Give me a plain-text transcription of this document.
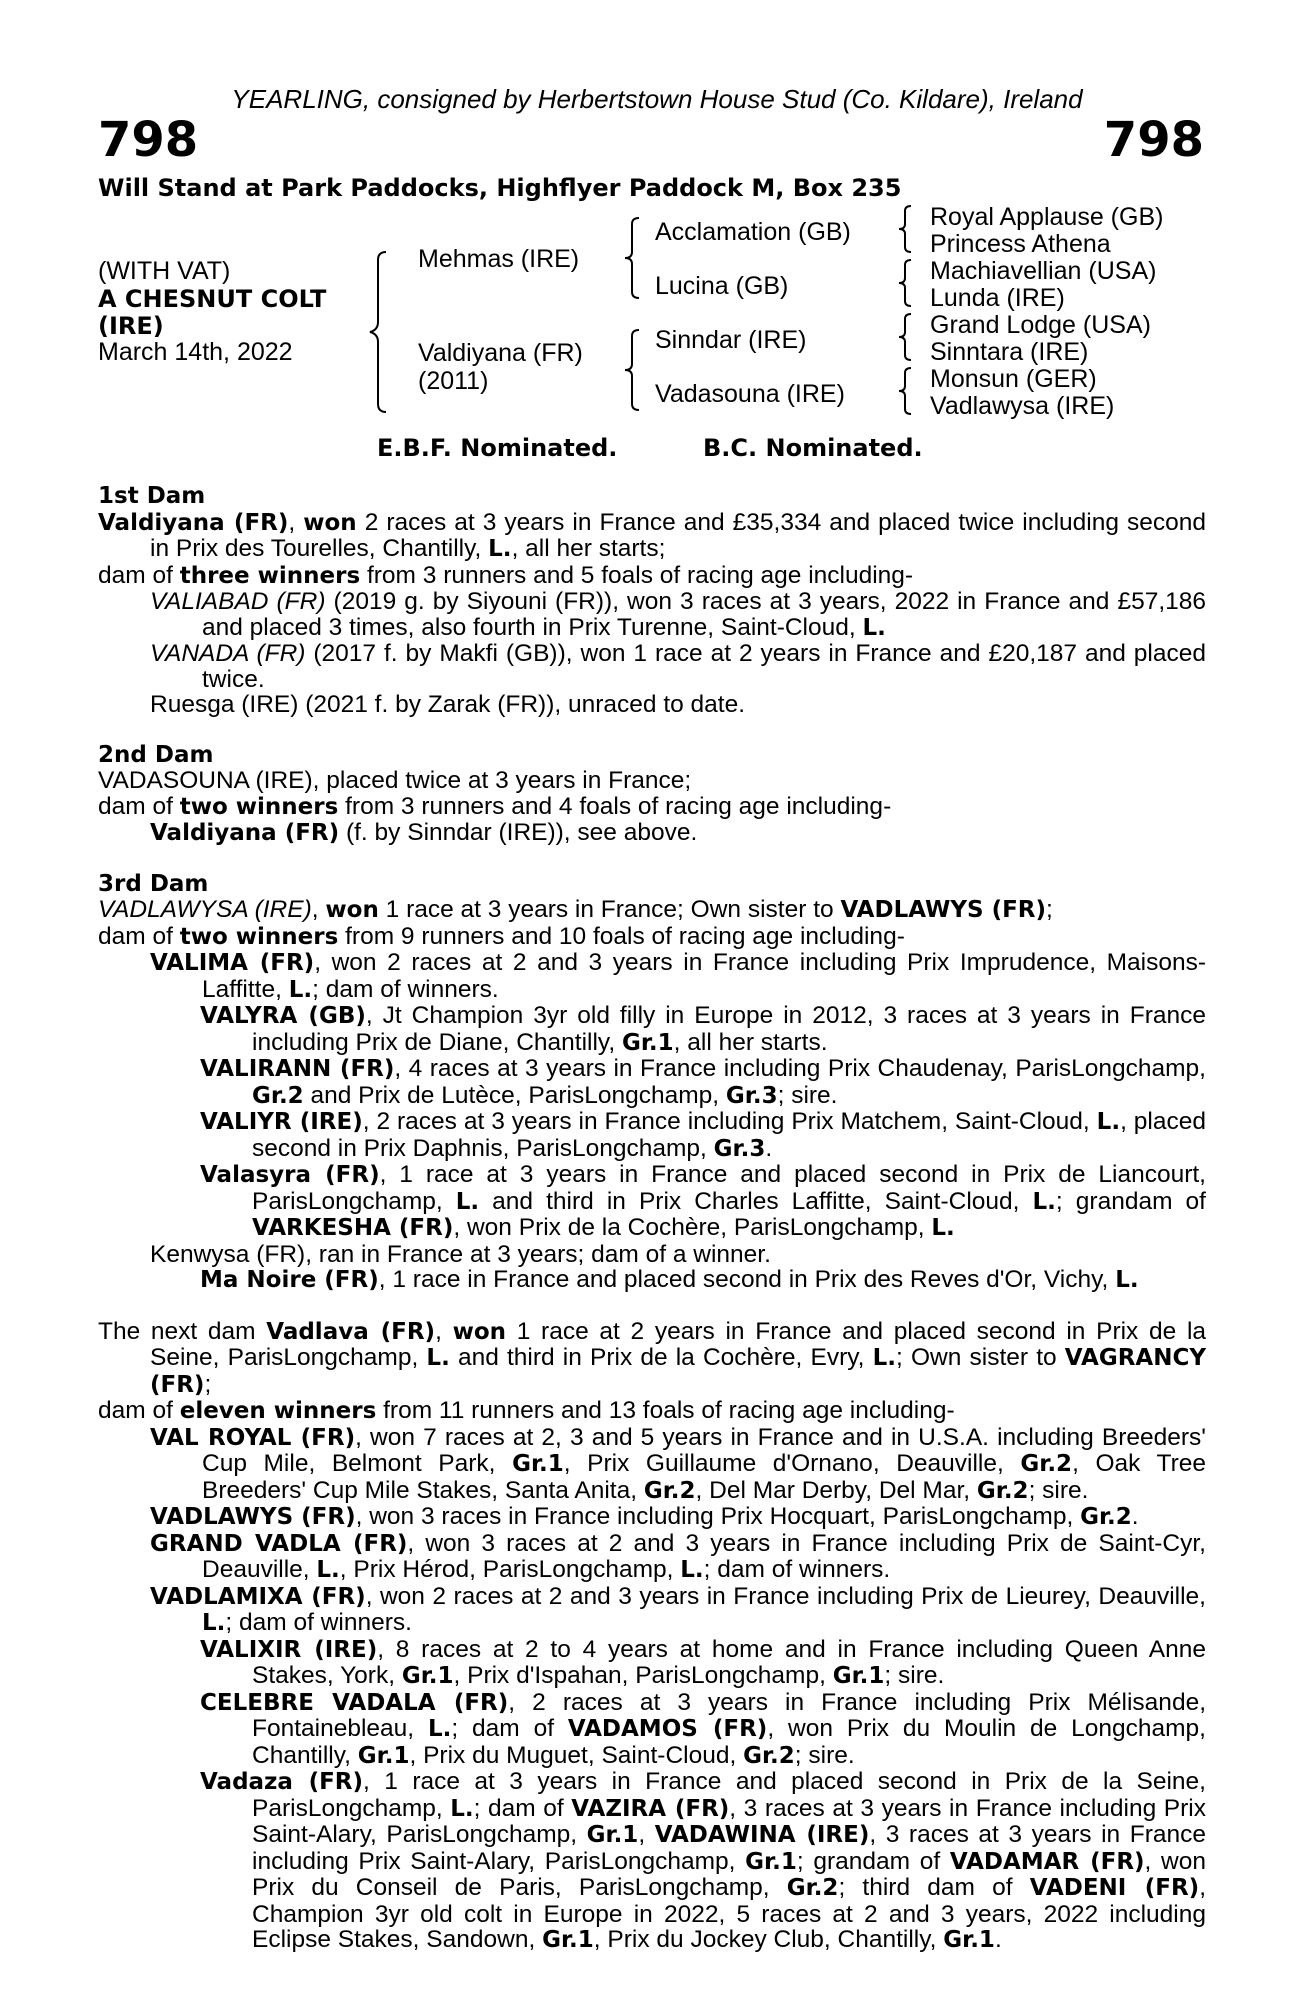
YEARLING, consigned by Herbertstown House Stud (Co. Kildare), Ireland
798	798
Will Stand at Park Paddocks, Highflyer Paddock M, Box 235
(WITH VAT)
A CHESNUT COLT
(IRE)
March 14th, 2022
Mehmas (IRE)
Valdiyana (FR)
(2011)
Acclamation (GB)
Lucina (GB)
Sinndar (IRE)
Vadasouna (IRE)
Royal Applause (GB)
Princess Athena
Machiavellian (USA)
Lunda (IRE)
Grand Lodge (USA)
Sinntara (IRE)
Monsun (GER)
Vadlawysa (IRE)
E.B.F. Nominated.	B.C. Nominated.
1st Dam

Valdiyana (FR), won 2 races at 3 years in France and £35,334 and placed twice including second in Prix des Tourelles, Chantilly, L., all her starts;

dam of three winners from 3 runners and 5 foals of racing age including-

VALIABAD (FR) (2019 g. by Siyouni (FR)), won 3 races at 3 years, 2022 in France and £57,186 and placed 3 times, also fourth in Prix Turenne, Saint-Cloud, L.

VANADA (FR) (2017 f. by Makfi (GB)), won 1 race at 2 years in France and £20,187 and placed twice.

Ruesga (IRE) (2021 f. by Zarak (FR)), unraced to date.

2nd Dam

VADASOUNA (IRE), placed twice at 3 years in France;

dam of two winners from 3 runners and 4 foals of racing age including-

Valdiyana (FR) (f. by Sinndar (IRE)), see above.

3rd Dam

VADLAWYSA (IRE), won 1 race at 3 years in France; Own sister to VADLAWYS (FR);

dam of two winners from 9 runners and 10 foals of racing age including-

VALIMA (FR), won 2 races at 2 and 3 years in France including Prix Imprudence, Maisons-Laffitte, L.; dam of winners.

VALYRA (GB), Jt Champion 3yr old filly in Europe in 2012, 3 races at 3 years in France including Prix de Diane, Chantilly, Gr.1, all her starts.

VALIRANN (FR), 4 races at 3 years in France including Prix Chaudenay, ParisLongchamp, Gr.2 and Prix de Lutèce, ParisLongchamp, Gr.3; sire.

VALIYR (IRE), 2 races at 3 years in France including Prix Matchem, Saint-Cloud, L., placed second in Prix Daphnis, ParisLongchamp, Gr.3.

Valasyra (FR), 1 race at 3 years in France and placed second in Prix de Liancourt, ParisLongchamp, L. and third in Prix Charles Laffitte, Saint-Cloud, L.; grandam of VARKESHA (FR), won Prix de la Cochère, ParisLongchamp, L.

Kenwysa (FR), ran in France at 3 years; dam of a winner.

Ma Noire (FR), 1 race in France and placed second in Prix des Reves d'Or, Vichy, L.

The next dam Vadlava (FR), won 1 race at 2 years in France and placed second in Prix de la Seine, ParisLongchamp, L. and third in Prix de la Cochère, Evry, L.; Own sister to VAGRANCY (FR);

dam of eleven winners from 11 runners and 13 foals of racing age including-

VAL ROYAL (FR), won 7 races at 2, 3 and 5 years in France and in U.S.A. including Breeders' Cup Mile, Belmont Park, Gr.1, Prix Guillaume d'Ornano, Deauville, Gr.2, Oak Tree Breeders' Cup Mile Stakes, Santa Anita, Gr.2, Del Mar Derby, Del Mar, Gr.2; sire.

VADLAWYS (FR), won 3 races in France including Prix Hocquart, ParisLongchamp, Gr.2.

GRAND VADLA (FR), won 3 races at 2 and 3 years in France including Prix de Saint-Cyr, Deauville, L., Prix Hérod, ParisLongchamp, L.; dam of winners.

VADLAMIXA (FR), won 2 races at 2 and 3 years in France including Prix de Lieurey, Deauville, L.; dam of winners.

VALIXIR (IRE), 8 races at 2 to 4 years at home and in France including Queen Anne Stakes, York, Gr.1, Prix d'Ispahan, ParisLongchamp, Gr.1; sire.

CELEBRE VADALA (FR), 2 races at 3 years in France including Prix Mélisande, Fontainebleau, L.; dam of VADAMOS (FR), won Prix du Moulin de Longchamp, Chantilly, Gr.1, Prix du Muguet, Saint-Cloud, Gr.2; sire.

Vadaza (FR), 1 race at 3 years in France and placed second in Prix de la Seine, ParisLongchamp, L.; dam of VAZIRA (FR), 3 races at 3 years in France including Prix Saint-Alary, ParisLongchamp, Gr.1, VADAWINA (IRE), 3 races at 3 years in France including Prix Saint-Alary, ParisLongchamp, Gr.1; grandam of VADAMAR (FR), won Prix du Conseil de Paris, ParisLongchamp, Gr.2; third dam of VADENI (FR), Champion 3yr old colt in Europe in 2022, 5 races at 2 and 3 years, 2022 including Eclipse Stakes, Sandown, Gr.1, Prix du Jockey Club, Chantilly, Gr.1.
